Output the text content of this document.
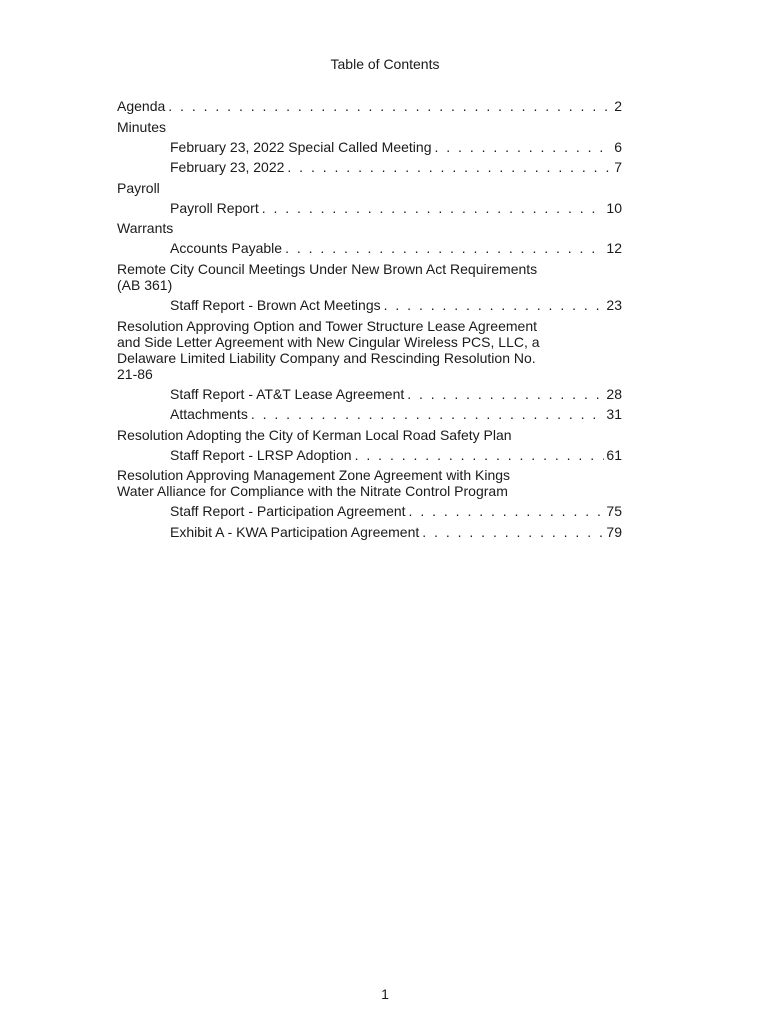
Table of Contents
Agenda . . .	2
Minutes
February 23, 2022 Special Called Meeting . . .	6
February 23, 2022 . . .	7
Payroll
Payroll Report . . .	10
Warrants
Accounts Payable . . .	12
Remote City Council Meetings Under New Brown Act Requirements (AB 361)
Staff Report - Brown Act Meetings . . .	23
Resolution Approving Option and Tower Structure Lease Agreement and Side Letter Agreement with New Cingular Wireless PCS, LLC, a Delaware Limited Liability Company and Rescinding Resolution No. 21-86
Staff Report - AT&T Lease Agreement . . .	28
Attachments . . .	31
Resolution Adopting the City of Kerman Local Road Safety Plan
Staff Report - LRSP Adoption . . .	61
Resolution Approving Management Zone Agreement with Kings Water Alliance for Compliance with the Nitrate Control Program
Staff Report - Participation Agreement . . .	75
Exhibit A - KWA Participation Agreement . . .	79
1
